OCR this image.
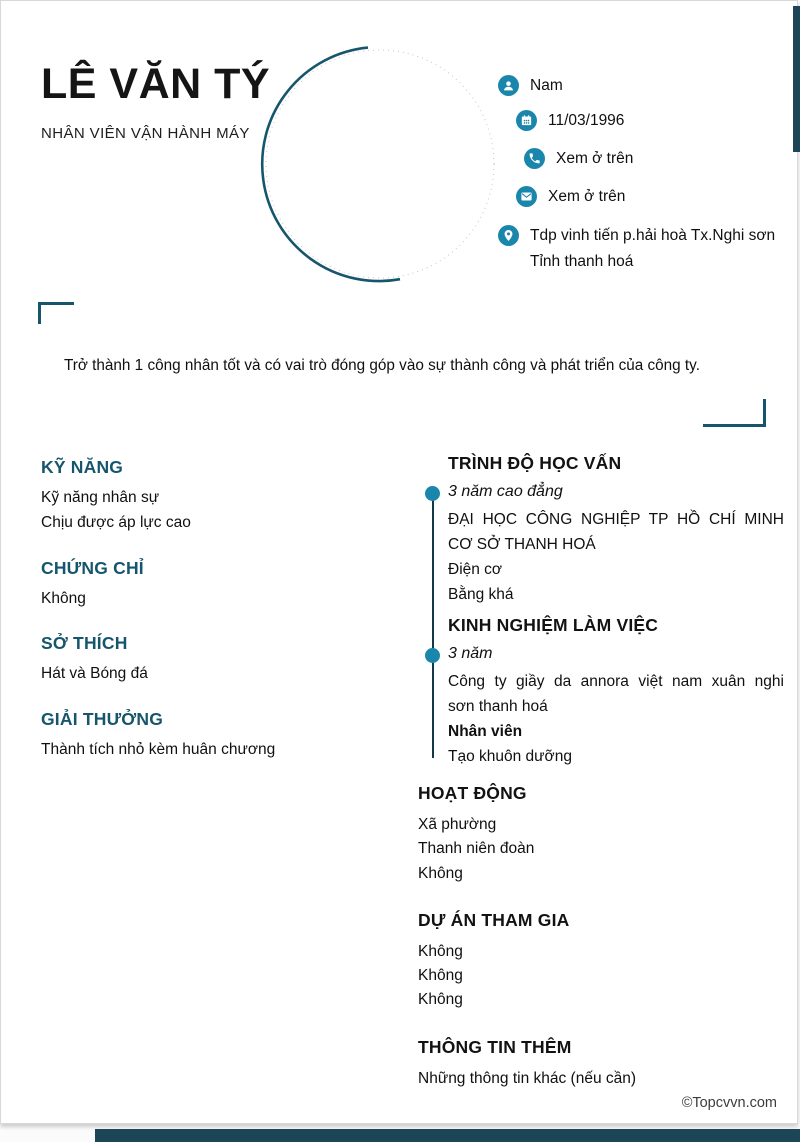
LÊ VĂN TÝ
NHÂN VIÊN VẬN HÀNH MÁY
Nam
11/03/1996
Xem ở trên
Xem ở trên
Tdp vinh tiến p.hải hoà Tx.Nghi sơn Tỉnh thanh hoá
Trở thành 1 công nhân tốt và có vai trò đóng góp vào sự thành công và phát triển của công ty.
KỸ NĂNG
Kỹ năng nhân sự
Chịu được áp lực cao
CHỨNG CHỈ
Không
SỞ THÍCH
Hát và Bóng đá
GIẢI THƯỞNG
Thành tích nhỏ kèm huân chương
TRÌNH ĐỘ HỌC VẤN
3 năm cao đẳng
ĐẠI HỌC CÔNG NGHIỆP TP HỒ CHÍ MINH
CƠ SỞ THANH HOÁ
Điện cơ
Bằng khá
KINH NGHIỆM LÀM VIỆC
3 năm
Công ty giầy da annora việt nam xuân nghi
sơn thanh hoá
Nhân viên
Tạo khuôn dưỡng
HOẠT ĐỘNG
Xã phường
Thanh niên đoàn
Không
DỰ ÁN THAM GIA
Không
Không
Không
THÔNG TIN THÊM
Những thông tin khác (nếu cần)
©Topcvvn.com
